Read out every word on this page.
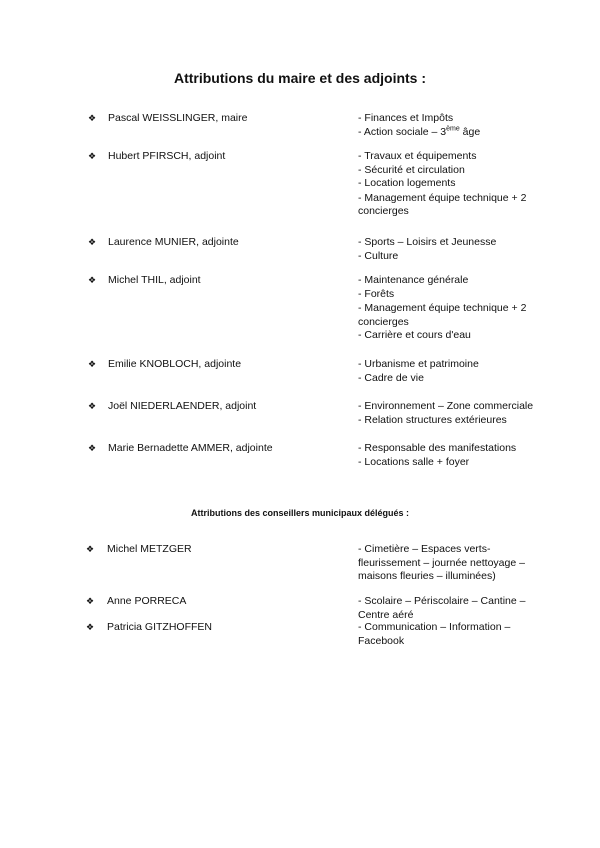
Attributions du maire et des adjoints :
❖ Pascal WEISSLINGER, maire	- Finances et Impôts
- Action sociale – 3ème âge
❖ Hubert PFIRSCH, adjoint	- Travaux et équipements
- Sécurité et circulation
- Location logements
- Management équipe technique + 2 concierges
❖ Laurence MUNIER, adjointe	- Sports – Loisirs et Jeunesse
- Culture
❖ Michel THIL, adjoint	- Maintenance générale
- Forêts
- Management équipe technique + 2 concierges
- Carrière et cours d'eau
❖ Emilie KNOBLOCH, adjointe	- Urbanisme et patrimoine
- Cadre de vie
❖ Joël NIEDERLAENDER, adjoint	- Environnement – Zone commerciale
- Relation structures extérieures
❖ Marie Bernadette AMMER, adjointe	- Responsable des manifestations
- Locations salle + foyer
Attributions des conseillers municipaux délégués :
❖ Michel METZGER	- Cimetière – Espaces verts-fleurissement – journée nettoyage – maisons fleuries – illuminées)
❖ Anne PORRECA	- Scolaire – Périscolaire – Cantine – Centre aéré
❖ Patricia GITZHOFFEN	- Communication – Information – Facebook
